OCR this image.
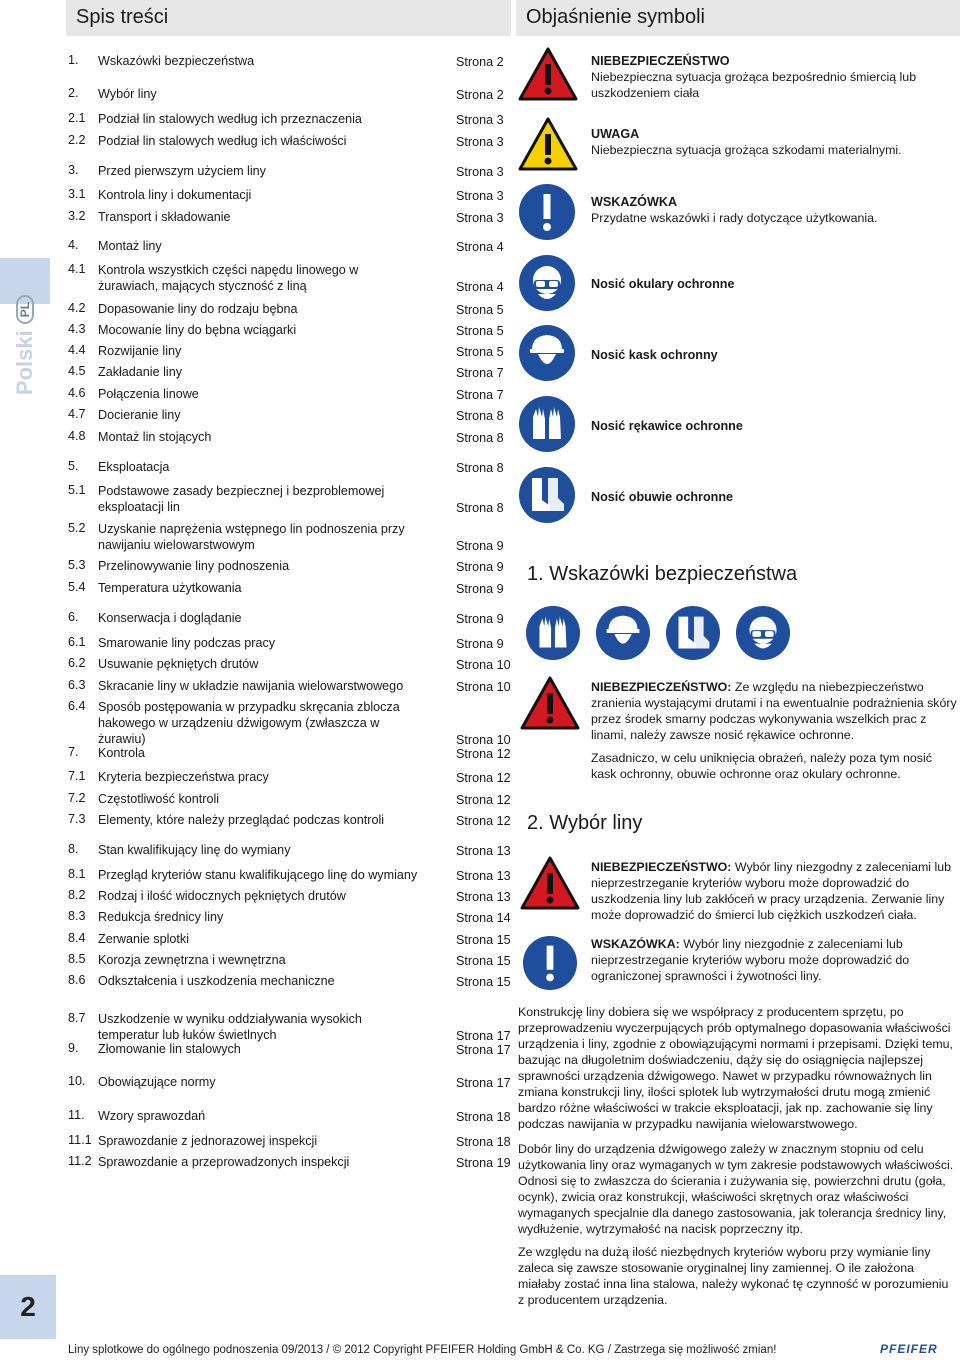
Polski
PL
2
Spis treści	Objaśnienie symboli
1.	Wskazówki bezpieczeństwa	Strona 2
2.	Wybór liny	Strona 2
2.1 Podział lin stalowych według ich przeznaczenia	Strona 3
2.2 Podział lin stalowych według ich właściwości	Strona 3
3.	Przed pierwszym użyciem liny	Strona 3
3.1 Kontrola liny i dokumentacji	Strona 3
3.2 Transport i składowanie	Strona 3
4.	Montaż liny	Strona 4
4.1 Kontrola wszystkich części napędu linowego w żurawiach, mających styczność z liną	Strona 4
4.2 Dopasowanie liny do rodzaju bębna	Strona 5
4.3 Mocowanie liny do bębna wciągarki	Strona 5
4.4 Rozwijanie liny	Strona 5
4.5 Zakładanie liny	Strona 7
4.6 Połączenia linowe	Strona 7
4.7 Docieranie liny	Strona 8
4.8 Montaż lin stojących	Strona 8
5.	Eksploatacja	Strona 8
5.1 Podstawowe zasady bezpiecznej i bezproblemowej eksploatacji lin	Strona 8
5.2 Uzyskanie naprężenia wstępnego lin podnoszenia przy nawijaniu wielowarstwowym	Strona 9
5.3 Przelinowywanie liny podnoszenia	Strona 9
5.4 Temperatura użytkowania	Strona 9
6.	Konserwacja i doglądanie	Strona 9
6.1 Smarowanie liny podczas pracy	Strona 9
6.2 Usuwanie pękniętych drutów	Strona 10
6.3 Skracanie liny w układzie nawijania wielowarstwowego	Strona 10
6.4 Sposób postępowania w przypadku skręcania zblocza hakowego w urządzeniu dźwigowym (zwłaszcza w żurawiu)	Strona 10
7.	Kontrola	Strona 12
7.1 Kryteria bezpieczeństwa pracy	Strona 12
7.2 Częstotliwość kontroli	Strona 12
7.3 Elementy, które należy przeglądać podczas kontroli	Strona 12
8.	Stan kwalifikujący linę do wymiany	Strona 13
8.1 Przegląd kryteriów stanu kwalifikującego linę do wymiany	Strona 13
8.2 Rodzaj i ilość widocznych pękniętych drutów	Strona 13
8.3 Redukcja średnicy liny	Strona 14
8.4 Zerwanie splotki	Strona 15
8.5 Korozja zewnętrzna i wewnętrzna	Strona 15
8.6 Odkształcenia i uszkodzenia mechaniczne	Strona 15
8.7 Uszkodzenie w wyniku oddziaływania wysokich temperatur lub łuków świetlnych	Strona 17
9.	Złomowanie lin stalowych	Strona 17
10. Obowiązujące normy	Strona 17
11.	Wzory sprawozdań	Strona 18
11.1 Sprawozdanie z jednorazowej inspekcji	Strona 18
11.2 Sprawozdanie a przeprowadzonych inspekcji	Strona 19
NIEBEZPIECZEŃSTWO
Niebezpieczna sytuacja grożąca bezpośrednio śmiercią lub uszkodzeniem ciała
UWAGA
Niebezpieczna sytuacja grożąca szkodami materialnymi.
WSKAZÓWKA
Przydatne wskazówki i rady dotyczące użytkowania.
Nosić okulary ochronne
Nosić kask ochronny
Nosić rękawice ochronne
Nosić obuwie ochronne
1. Wskazówki bezpieczeństwa
NIEBEZPIECZEŃSTWO: Ze względu na niebezpieczeństwo zranienia wystającymi drutami i na ewentualnie podrażnienia skóry przez środek smarny podczas wykonywania wszelkich prac z linami, należy zawsze nosić rękawice ochronne.
Zasadniczo, w celu uniknięcia obrażeń, należy poza tym nosić kask ochronny, obuwie ochronne oraz okulary ochronne.
2. Wybór liny
NIEBEZPIECZEŃSTWO: Wybór liny niezgodny z zaleceniami lub nieprzestrzeganie kryteriów wyboru może doprowadzić do uszkodzenia liny lub zakłóceń w pracy urządzenia. Zerwanie liny może doprowadzić do śmierci lub ciężkich uszkodzeń ciała.
WSKAZÓWKA: Wybór liny niezgodnie z zaleceniami lub nieprzestrzeganie kryteriów wyboru może doprowadzić do ograniczonej sprawności i żywotności liny.
Konstrukcję liny dobiera się we współpracy z producentem sprzętu, po przeprowadzeniu wyczerpujących prób optymalnego dopasowania właściwości urządzenia i liny, zgodnie z obowiązującymi normami i przepisami. Dzięki temu, bazując na długoletnim doświadczeniu, dąży się do osiągnięcia najlepszej sprawności urządzenia dźwigowego. Nawet w przypadku równoważnych lin zmiana konstrukcji liny, ilości splotek lub wytrzymałości drutu mogą zmienić bardzo różne właściwości w trakcie eksploatacji, jak np. zachowanie się liny podczas nawijania w przypadku nawijania wielowarstwowego.
Dobór liny do urządzenia dźwigowego zależy w znacznym stopniu od celu użytkowania liny oraz wymaganych w tym zakresie podstawowych właściwości. Odnosi się to zwłaszcza do ścierania i zużywania się, powierzchni drutu (goła, ocynk), zwicia oraz konstrukcji, właściwości skrętnych oraz właściwości wymaganych specjalnie dla danego zastosowania, jak tolerancja średnicy liny, wydłużenie, wytrzymałość na nacisk poprzeczny itp.
Ze względu na dużą ilość niezbędnych kryteriów wyboru przy wymianie liny zaleca się zawsze stosowanie oryginalnej liny zamiennej. O ile założona miałaby zostać inna lina stalowa, należy wykonać tę czynność w porozumieniu z producentem urządzenia.
Liny splotkowe do ogólnego podnoszenia 09/2013 / © 2012 Copyright PFEIFER Holding GmbH & Co. KG / Zastrzega się możliwość zmian!	PFEIFER
